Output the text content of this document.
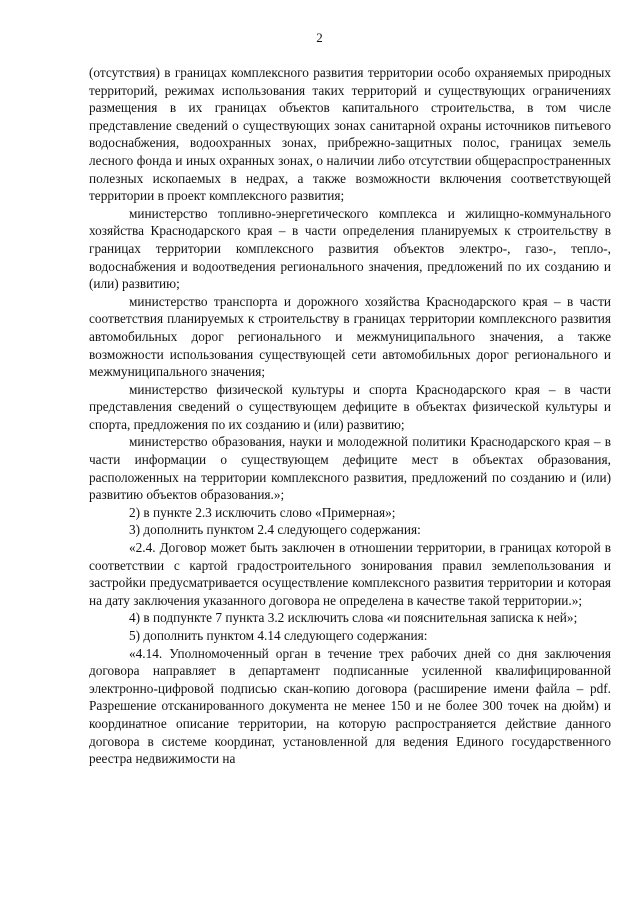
2

(отсутствия) в границах комплексного развития территории особо охраняемых природных территорий, режимах использования таких территорий и существующих ограничениях размещения в их границах объектов капитального строительства, в том числе представление сведений о существующих зонах санитарной охраны источников питьевого водоснабжения, водоохранных зонах, прибрежно-защитных полос, границах земель лесного фонда и иных охранных зонах, о наличии либо отсутствии общераспространенных полезных ископаемых в недрах, а также возможности включения соответствующей территории в проект комплексного развития;

министерство топливно-энергетического комплекса и жилищно-коммунального хозяйства Краснодарского края – в части определения планируемых к строительству в границах территории комплексного развития объектов электро-, газо-, тепло-, водоснабжения и водоотведения регионального значения, предложений по их созданию и (или) развитию;

министерство транспорта и дорожного хозяйства Краснодарского края – в части соответствия планируемых к строительству в границах территории комплексного развития автомобильных дорог регионального и межмуниципального значения, а также возможности использования существующей сети автомобильных дорог регионального и межмуниципального значения;

министерство физической культуры и спорта Краснодарского края – в части представления сведений о существующем дефиците в объектах физической культуры и спорта, предложения по их созданию и (или) развитию;

министерство образования, науки и молодежной политики Краснодарского края – в части информации о существующем дефиците мест в объектах образования, расположенных на территории комплексного развития, предложений по созданию и (или) развитию объектов образования.»;

2) в пункте 2.3 исключить слово «Примерная»;

3) дополнить пунктом 2.4 следующего содержания:

«2.4. Договор может быть заключен в отношении территории, в границах которой в соответствии с картой градостроительного зонирования правил землепользования и застройки предусматривается осуществление комплексного развития территории и которая на дату заключения указанного договора не определена в качестве такой территории.»;

4) в подпункте 7 пункта 3.2 исключить слова «и пояснительная записка к ней»;

5) дополнить пунктом 4.14 следующего содержания:

«4.14. Уполномоченный орган в течение трех рабочих дней со дня заключения договора направляет в департамент подписанные усиленной квалифицированной электронно-цифровой подписью скан-копию договора (расширение имени файла – pdf. Разрешение отсканированного документа не менее 150 и не более 300 точек на дюйм) и координатное описание территории, на которую распространяется действие данного договора в системе координат, установленной для ведения Единого государственного реестра недвижимости на
